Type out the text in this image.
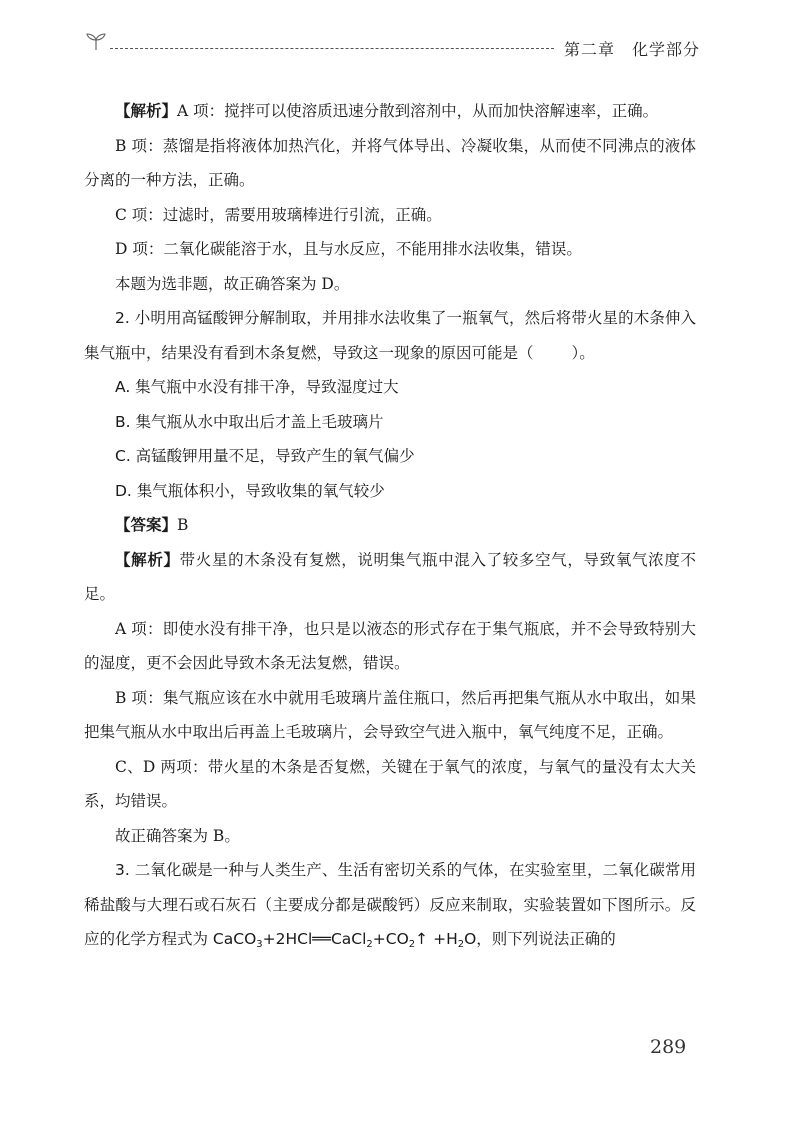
第二章　化学部分

【解析】A 项：搅拌可以使溶质迅速分散到溶剂中，从而加快溶解速率，正确。

B 项：蒸馏是指将液体加热汽化，并将气体导出、冷凝收集，从而使不同沸点的液体分离的一种方法，正确。

C 项：过滤时，需要用玻璃棒进行引流，正确。

D 项：二氧化碳能溶于水，且与水反应，不能用排水法收集，错误。

本题为选非题，故正确答案为 D。

2. 小明用高锰酸钾分解制取，并用排水法收集了一瓶氧气，然后将带火星的木条伸入集气瓶中，结果没有看到木条复燃，导致这一现象的原因可能是（ ）。

A. 集气瓶中水没有排干净，导致湿度过大

B. 集气瓶从水中取出后才盖上毛玻璃片

C. 高锰酸钾用量不足，导致产生的氧气偏少

D. 集气瓶体积小，导致收集的氧气较少

【答案】B

【解析】带火星的木条没有复燃，说明集气瓶中混入了较多空气，导致氧气浓度不足。

A 项：即使水没有排干净，也只是以液态的形式存在于集气瓶底，并不会导致特别大的湿度，更不会因此导致木条无法复燃，错误。

B 项：集气瓶应该在水中就用毛玻璃片盖住瓶口，然后再把集气瓶从水中取出，如果把集气瓶从水中取出后再盖上毛玻璃片，会导致空气进入瓶中，氧气纯度不足，正确。

C、D 两项：带火星的木条是否复燃，关键在于氧气的浓度，与氧气的量没有太大关系，均错误。

故正确答案为 B。

3. 二氧化碳是一种与人类生产、生活有密切关系的气体，在实验室里，二氧化碳常用稀盐酸与大理石或石灰石（主要成分都是碳酸钙）反应来制取，实验装置如下图所示。反应的化学方程式为 $CaCO_3+2HCl══CaCl_2+CO_2↑ +H_2O$，则下列说法正确的

289
